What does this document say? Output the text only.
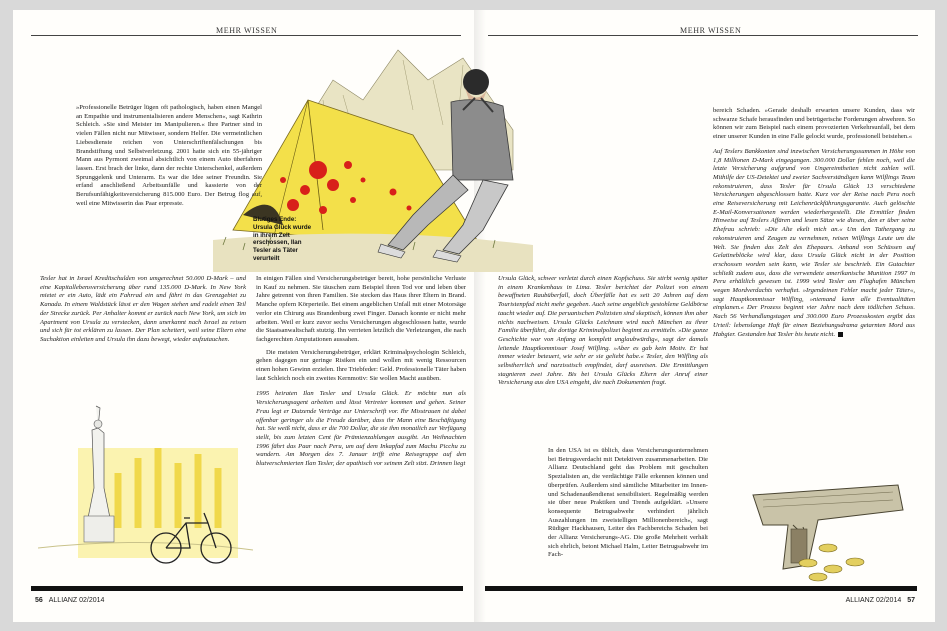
MEHR WISSEN	MEHR WISSEN
Blutiges Ende: Ursula Glück wurde in ihrem Zelt erschossen, Ilan Tesler als Täter verurteilt

»Professionelle Betrüger lügen oft pathologisch, haben einen Mangel an Empathie und instrumentalisieren andere Menschen«, sagt Kathrin Schleich. »Sie sind Meister im Manipulieren.« Ihre Partner sind in vielen Fällen nicht nur Mitwisser, sondern Helfer. Die vermeintlichen Liebesdienste reichen von Unterschriftenfälschungen bis Brandstiftung und Selbstverletzung. 2001 hatte sich ein 55-jähriger Mann aus Pyrmont zweimal absichtlich von einem Auto überfahren lassen. Erst brach der linke, dann der rechte Unterschenkel, außerdem Sprunggelenk und Unterarm. Es war die Idee seiner Freundin. Sie erfand anschließend Arbeitsunfälle und kassierte von der Berufsunfähigkeitsversicherung 815.000 Euro. Der Betrug flog auf, weil eine Mitwisserin das Paar erpresste.

Tesler hat in Israel Kreditschulden von umgerechnet 50.000 D-Mark – und eine Kapitallebensversicherung über rund 135.000 D-Mark. In New York mietet er ein Auto, lädt ein Fahrrad ein und fährt in das Grenzgebiet zu Kanada. In einem Waldstück lässt er den Wagen stehen und radelt einen Teil der Strecke zurück. Per Anhalter kommt er zurück nach New York, um sich im Apartment von Ursula zu verstecken, dann unerkannt nach Israel zu reisen und sich für tot erklären zu lassen. Der Plan scheitert, weil seine Eltern eine Suchaktion einleiten und Ursula ihn dazu bewegt, wieder aufzutauchen.

In einigen Fällen sind Versicherungsbetrüger bereit, hohe persönliche Verluste in Kauf zu nehmen. Sie täuschen zum Beispiel ihren Tod vor und leben über Jahre getrennt von ihren Familien. Sie stecken das Haus ihrer Eltern in Brand. Manche opfern Körperteile. Bei einem angeblichen Unfall mit einer Motorsäge verlor ein Chirurg aus Brandenburg zwei Finger. Danach konnte er nicht mehr arbeiten. Weil er kurz zuvor sechs Versicherungen abgeschlossen hatte, wurde die Staatsanwaltschaft stutzig. Ihn verrieten letztlich die Verletzungen, die nach fachgerechten Amputationen aussahen.

Die meisten Versicherungsbetrüger, erklärt Kriminalpsychologin Schleich, gehen dagegen nur geringe Risiken ein und wollen mit wenig Ressourcen einen hohen Gewinn erzielen. Ihre Triebfeder: Geld. Professionelle Täter haben laut Schleich noch ein zweites Kernmotiv: Sie wollen Macht ausüben.

1995 heiraten Ilan Tesler und Ursula Glück. Er möchte nun als Versicherungsagent arbeiten und lässt Vertreter kommen und gehen. Seiner Frau legt er Dutzende Verträge zur Unterschrift vor. Ihr Misstrauen ist dabei offenbar geringer als die Freude darüber, dass ihr Mann eine Beschäftigung hat. Sie weiß nicht, dass er die 700 Dollar, die sie ihm monatlich zur Verfügung stellt, bis zum letzten Cent für Prämienzahlungen ausgibt. An Weihnachten 1996 fährt das Paar nach Peru, um auf dem Inkapfad zum Machu Picchu zu wandern. Am Morgen des 7. Januar trifft eine Reisegruppe auf den blutverschmierten Ilan Tesler, der apathisch vor seinem Zelt sitzt. Drinnen liegt

Ursula Glück, schwer verletzt durch einen Kopfschuss. Sie stirbt wenig später in einem Krankenhaus in Lima. Tesler berichtet der Polizei von einem bewaffneten Raubüberfall, doch Überfälle hat es seit 20 Jahren auf dem Touristenpfad nicht mehr gegeben. Auch seine angeblich gestohlene Geldbörse taucht wieder auf. Die peruanischen Polizisten sind skeptisch, können ihm aber nichts nachweisen. Ursula Glücks Leichnam wird nach München zu ihrer Familie überführt, die dortige Kriminalpolizei beginnt zu ermitteln. »Die ganze Geschichte war von Anfang an komplett unglaubwürdig«, sagt der damals leitende Hauptkommissar Josef Wilfling. »Aber es gab kein Motiv. Er hat immer wieder beteuert, wie sehr er sie geliebt habe.« Tesler, den Wilfling als selbstherrlich und narzisstisch empfindet, darf ausreisen. Die Ermittlungen stagnieren zwei Jahre. Bis bei Ursula Glücks Eltern der Anruf einer Versicherung aus den USA eingeht, die nach Dokumenten fragt.

In den USA ist es üblich, dass Versicherungsunternehmen bei Betrugsverdacht mit Detektiven zusammenarbeiten. Die Allianz Deutschland geht das Problem mit geschulten Spezialisten an, die verdächtige Fälle erkennen können und überprüfen. Außerdem sind sämtliche Mitarbeiter im Innen- und Schadenaußendienst sensibilisiert. Regelmäßig werden sie über neue Praktiken und Trends aufgeklärt. »Unsere konsequente Betrugsabwehr verhindert jährlich Auszahlungen im zweistelligen Millionenbereich«, sagt Rüdiger Hackhausen, Leiter des Fachbereichs Schaden bei der Allianz Versicherungs-AG. Die große Mehrheit verhält sich ehrlich, betont Michael Halm, Leiter Betrugsabwehr im Fach-

bereich Schaden. »Gerade deshalb erwarten unsere Kunden, dass wir schwarze Schafe herausfinden und betrügerische Forderungen abwehren. So können wir zum Beispiel nach einem provozierten Verkehrsunfall, bei dem einer unserer Kunden in eine Falle gelockt wurde, professionell beistehen.«

Auf Teslers Bankkonten sind inzwischen Versicherungssummen in Höhe von 1,8 Millionen D-Mark eingegangen. 300.000 Dollar fehlen noch, weil die letzte Versicherung aufgrund von Ungereimtheiten nicht zahlen will. Mithilfe der US-Detektei und zweier Sachverständigen kann Wilflings Team rekonstruieren, dass Tesler für Ursula Glück 13 verschiedene Versicherungen abgeschlossen hatte. Kurz vor der Reise nach Peru noch eine Reiseversicherung mit Leichenrückführungsgarantie. Auch gelöschte E-Mail-Konversationen werden wiederhergestellt. Die Ermittler finden Hinweise auf Teslers Affären und lesen Sätze wie diesen, den er über seine Ehefrau schrieb: »Die Alte ekelt mich an.« Um den Tathergang zu rekonstruieren und Zeugen zu vernehmen, reisen Wilflings Leute um die Welt. Sie finden das Zelt des Ehepaars. Anhand von Schüssen auf Gelatineblöcke wird klar, dass Ursula Glück nicht in der Position erschossen worden sein kann, wie Tesler sie beschrieb. Ein Gutachter schließt zudem aus, dass die verwendete amerikanische Munition 1997 in Peru erhältlich gewesen ist. 1999 wird Tesler am Flughafen München wegen Mordverdachts verhaftet. »Irgendeinen Fehler macht jeder Täter«, sagt Hauptkommissar Wilfling, »niemand kann alle Eventualitäten einplanen.« Der Prozess beginnt vier Jahre nach dem tödlichen Schuss. Nach 56 Verhandlungstagen und 300.000 Euro Prozesskosten ergibt das Urteil: lebenslange Haft für einen Beziehungsdrama getarnten Mord aus Habgier. Gestanden hat Tesler bis heute nicht.

56 ALLIANZ 02/2014	ALLIANZ 02/2014 57
